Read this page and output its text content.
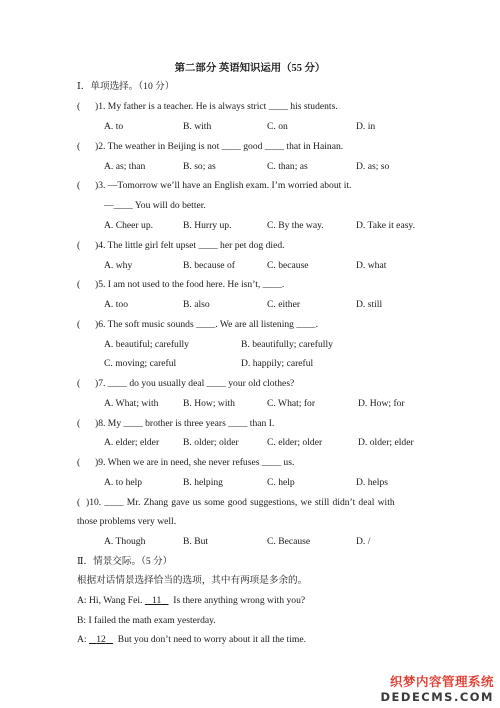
第二部分 英语知识运用（55 分）
Ⅰ．单项选择。（10 分）
( )1. My father is a teacher. He is always strict ____ his students.
A. to	B. with	C. on	D. in
( )2. The weather in Beijing is not ____ good ____ that in Hainan.
A. as; than	B. so; as	C. than; as	D. as; so
( )3. —Tomorrow we’ll have an English exam. I’m worried about it.
—____ You will do better.
A. Cheer up.	B. Hurry up.	C. By the way.	D. Take it easy.
( )4. The little girl felt upset ____ her pet dog died.
A. why	B. because of	C. because	D. what
( )5. I am not used to the food here. He isn’t, ____.
A. too	B. also	C. either	D. still
( )6. The soft music sounds ____. We are all listening ____.
A. beautiful; carefully	B. beautifully; carefully
C. moving; careful	D. happily; careful
( )7. ____ do you usually deal ____ your old clothes?
A. What; with	B. How; with	C. What; for	D. How; for
( )8. My ____ brother is three years ____ than I.
A. elder; elder B. older; older	C. elder; older	D. older; elder
( )9. When we are in need, she never refuses ____ us.
A. to help	B. helping	C. help	D. helps
( )10. ____ Mr. Zhang gave us some good suggestions, we still didn’t deal with
those problems very well.
A. Though	B. But	C. Because	D. /
Ⅱ．情景交际。（5 分）
根据对话情景选择恰当的选项，其中有两项是多余的。
A: Hi, Wang Fei.    11 Is there anything wrong with you?
B: I failed the math exam yesterday.
A:    12 But you don’t need to worry about it all the time.
织梦内容管理系统
DEDECMS.COM
